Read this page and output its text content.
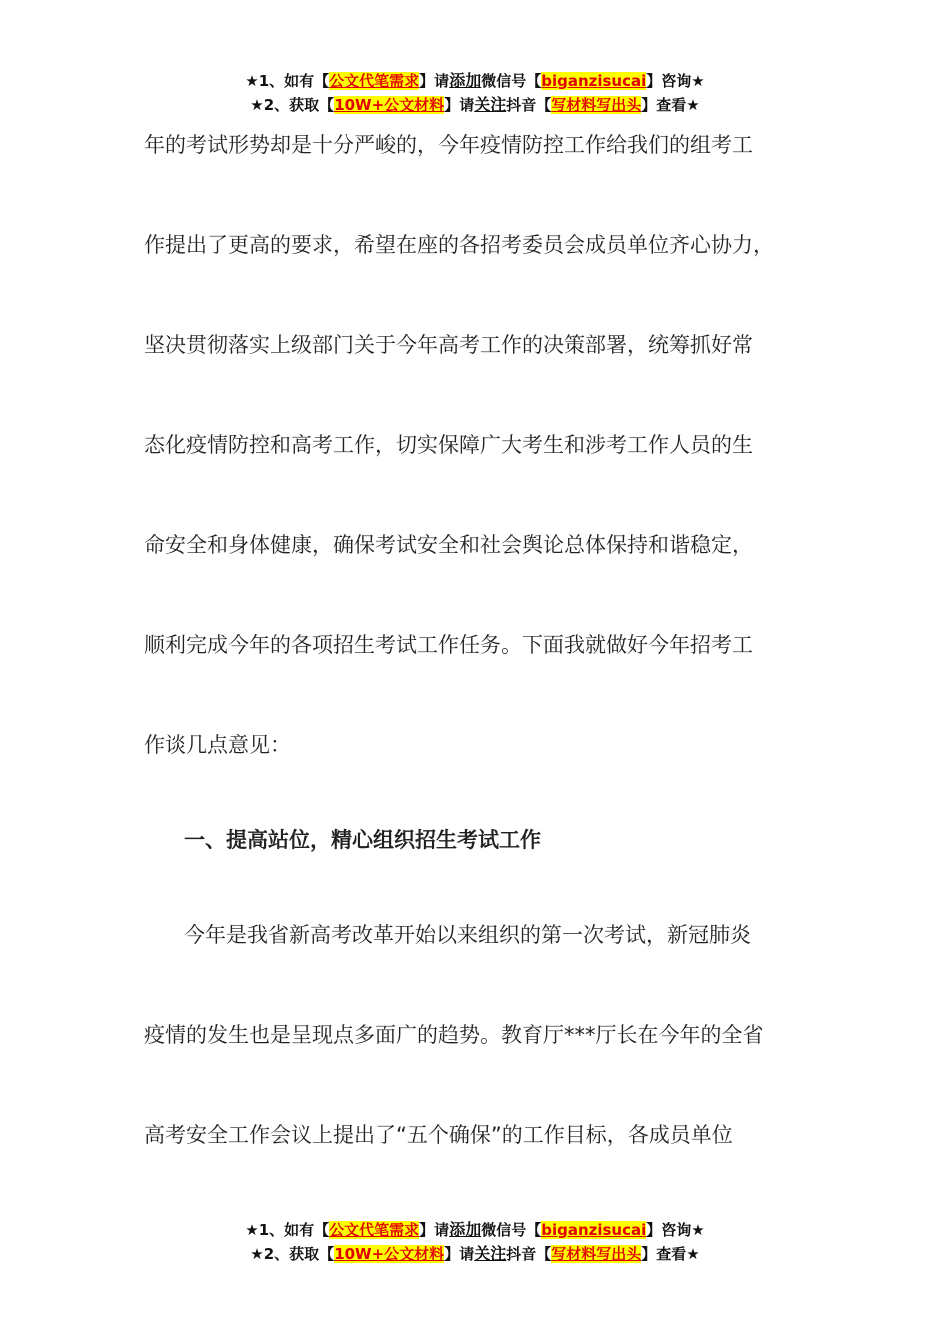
★1、如有【公文代笔需求】请添加微信号【biganzisucai】咨询★
★2、获取【10W+公文材料】请关注抖音【写材料写出头】查看★

年的考试形势却是十分严峻的，今年疫情防控工作给我们的组考工

作提出了更高的要求，希望在座的各招考委员会成员单位齐心协力，

坚决贯彻落实上级部门关于今年高考工作的决策部署，统筹抓好常

态化疫情防控和高考工作，切实保障广大考生和涉考工作人员的生

命安全和身体健康，确保考试安全和社会舆论总体保持和谐稳定，

顺利完成今年的各项招生考试工作任务。下面我就做好今年招考工

作谈几点意见：

一、提高站位，精心组织招生考试工作

今年是我省新高考改革开始以来组织的第一次考试，新冠肺炎

疫情的发生也是呈现点多面广的趋势。教育厅***厅长在今年的全省

高考安全工作会议上提出了“五个确保”的工作目标，各成员单位

★1、如有【公文代笔需求】请添加微信号【biganzisucai】咨询★
★2、获取【10W+公文材料】请关注抖音【写材料写出头】查看★
